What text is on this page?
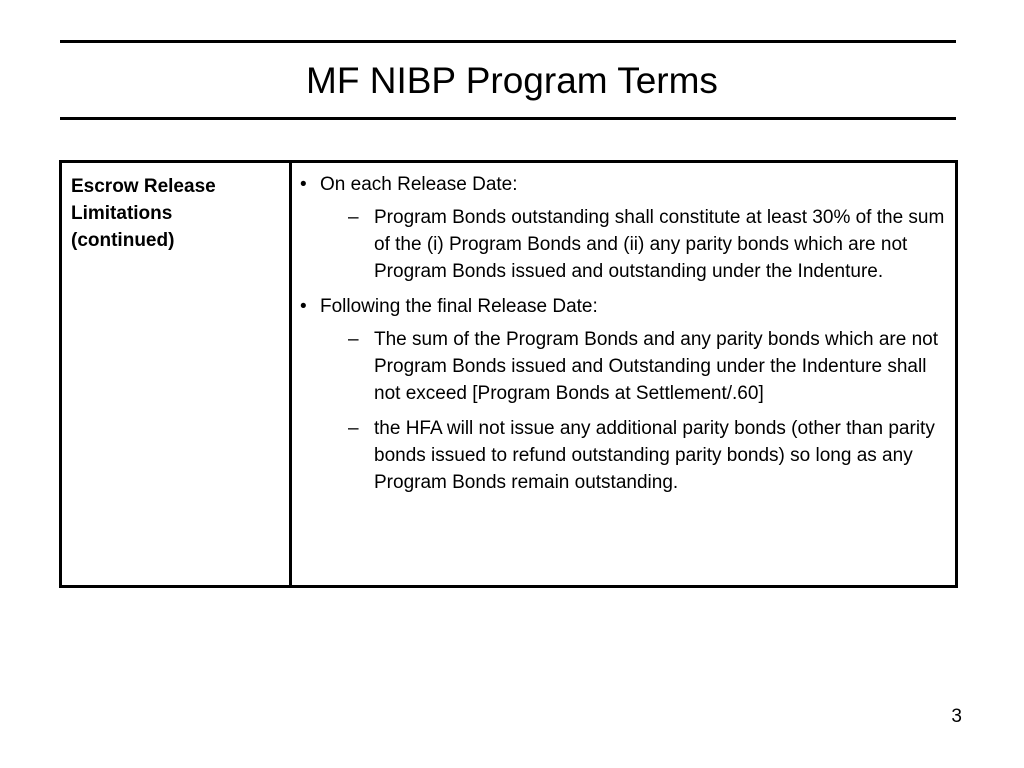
MF NIBP Program Terms
Escrow Release
Limitations
(continued)
• On each Release Date:
– Program Bonds outstanding shall constitute at least 30% of the sum of the (i) Program Bonds and (ii) any parity bonds which are not Program Bonds issued and outstanding under the Indenture.
• Following the final Release Date:
– The sum of the Program Bonds and any parity bonds which are not Program Bonds issued and Outstanding under the Indenture shall not exceed [Program Bonds at Settlement/.60]
– the HFA will not issue any additional parity bonds (other than parity bonds issued to refund outstanding parity bonds) so long as any Program Bonds remain outstanding.
3
